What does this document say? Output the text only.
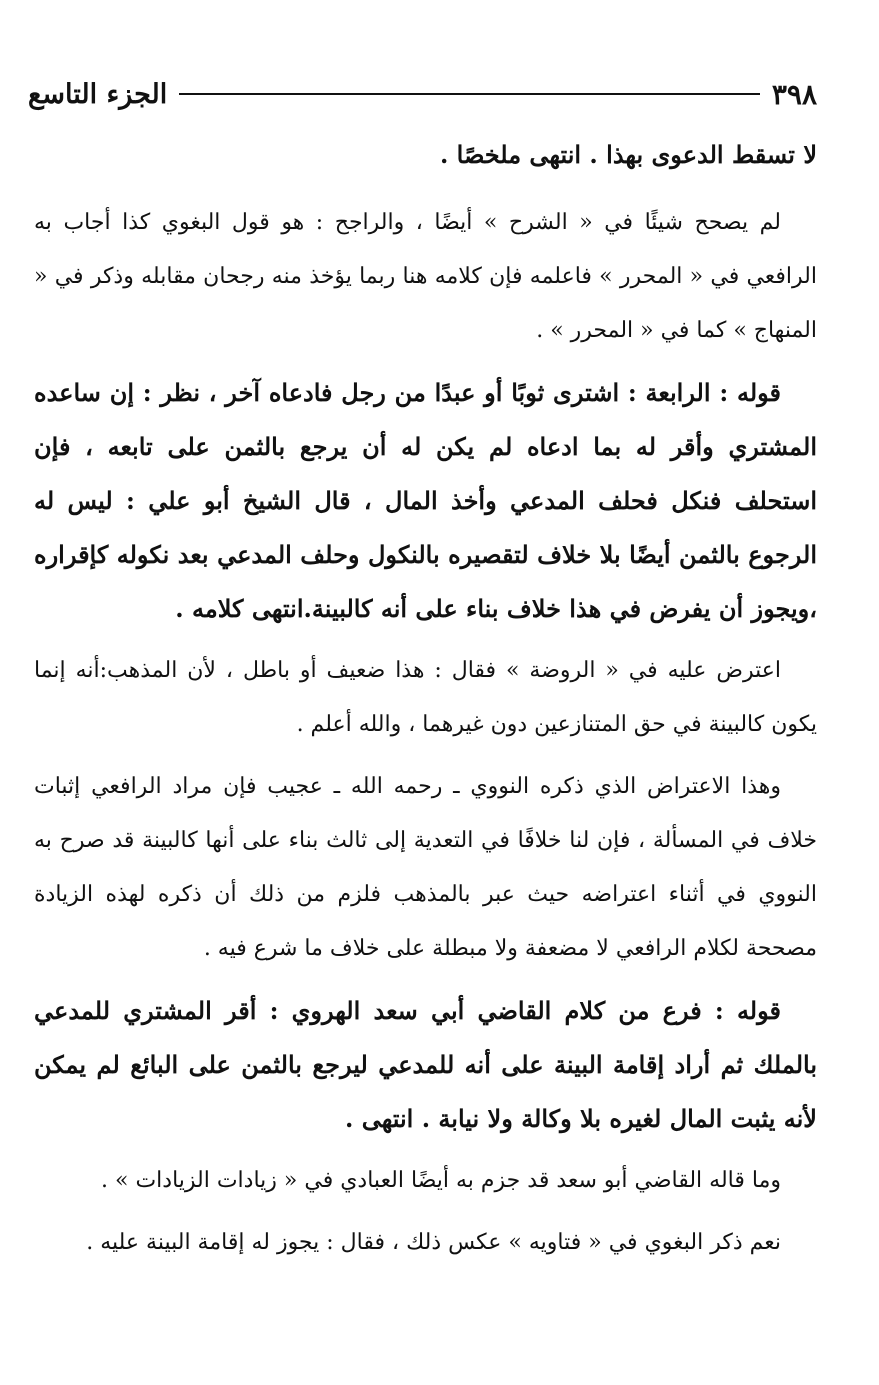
٣٩٨
الجزء التاسع

لا تسقط الدعوى بهذا . انتهى ملخصًا .

لم يصحح شيئًا في « الشرح » أيضًا ، والراجح : هو قول البغوي كذا أجاب به الرافعي في « المحرر » فاعلمه فإن كلامه هنا ربما يؤخذ منه رجحان مقابله وذكر في « المنهاج » كما في « المحرر » .

قوله : الرابعة : اشترى ثوبًا أو عبدًا من رجل فادعاه آخر ، نظر : إن ساعده المشتري وأقر له بما ادعاه لم يكن له أن يرجع بالثمن على تابعه ، فإن استحلف فنكل فحلف المدعي وأخذ المال ، قال الشيخ أبو علي : ليس له الرجوع بالثمن أيضًا بلا خلاف لتقصيره بالنكول وحلف المدعي بعد نكوله كإقراره ،ويجوز أن يفرض في هذا خلاف بناء على أنه كالبينة.انتهى كلامه .

اعترض عليه في « الروضة » فقال : هذا ضعيف أو باطل ، لأن المذهب:أنه إنما يكون كالبينة في حق المتنازعين دون غيرهما ، والله أعلم .

وهذا الاعتراض الذي ذكره النووي ـ رحمه الله ـ عجيب فإن مراد الرافعي إثبات خلاف في المسألة ، فإن لنا خلافًا في التعدية إلى ثالث بناء على أنها كالبينة قد صرح به النووي في أثناء اعتراضه حيث عبر بالمذهب فلزم من ذلك أن ذكره لهذه الزيادة مصححة لكلام الرافعي لا مضعفة ولا مبطلة على خلاف ما شرع فيه .

قوله : فرع من كلام القاضي أبي سعد الهروي : أقر المشتري للمدعي بالملك ثم أراد إقامة البينة على أنه للمدعي ليرجع بالثمن على البائع لم يمكن لأنه يثبت المال لغيره بلا وكالة ولا نيابة . انتهى .

وما قاله القاضي أبو سعد قد جزم به أيضًا العبادي في « زيادات الزيادات » .

نعم ذكر البغوي في « فتاويه » عكس ذلك ، فقال : يجوز له إقامة البينة عليه .
